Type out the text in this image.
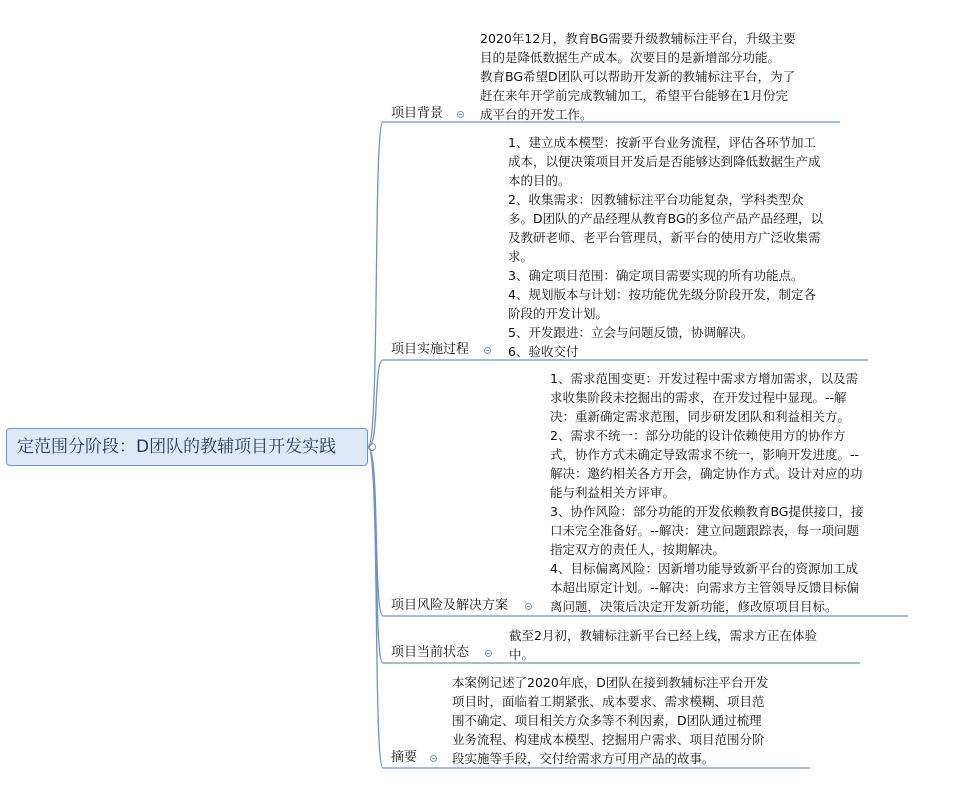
定范围分阶段：D团队的教辅项目开发实践
项目背景
2020年12月，教育BG需要升级教辅标注平台，升级主要
目的是降低数据生产成本。次要目的是新增部分功能。
教育BG希望D团队可以帮助开发新的教辅标注平台，为了
赶在来年开学前完成教辅加工，希望平台能够在1月份完
成平台的开发工作。
项目实施过程
1、建立成本模型：按新平台业务流程，评估各环节加工
成本，以便决策项目开发后是否能够达到降低数据生产成
本的目的。
2、收集需求：因教辅标注平台功能复杂，学科类型众
多。D团队的产品经理从教育BG的多位产品产品经理，以
及教研老师、老平台管理员，新平台的使用方广泛收集需
求。
3、确定项目范围：确定项目需要实现的所有功能点。
4、规划版本与计划：按功能优先级分阶段开发，制定各
阶段的开发计划。
5、开发跟进：立会与问题反馈，协调解决。
6、验收交付
项目风险及解决方案
1、需求范围变更：开发过程中需求方增加需求，以及需
求收集阶段未挖掘出的需求，在开发过程中显现。--解
决：重新确定需求范围，同步研发团队和利益相关方。
2、需求不统一：部分功能的设计依赖使用方的协作方
式，协作方式未确定导致需求不统一，影响开发进度。--
解决：邀约相关各方开会，确定协作方式。设计对应的功
能与利益相关方评审。
3、协作风险：部分功能的开发依赖教育BG提供接口，接
口未完全准备好。--解决：建立问题跟踪表，每一项问题
指定双方的责任人，按期解决。
4、目标偏离风险：因新增功能导致新平台的资源加工成
本超出原定计划。--解决：向需求方主管领导反馈目标偏
离问题，决策后决定开发新功能，修改原项目目标。
项目当前状态
截至2月初，教辅标注新平台已经上线，需求方正在体验
中。
摘要
本案例记述了2020年底，D团队在接到教辅标注平台开发
项目时，面临着工期紧张、成本要求、需求模糊、项目范
围不确定、项目相关方众多等不利因素，D团队通过梳理
业务流程、构建成本模型、挖掘用户需求、项目范围分阶
段实施等手段，交付给需求方可用产品的故事。
